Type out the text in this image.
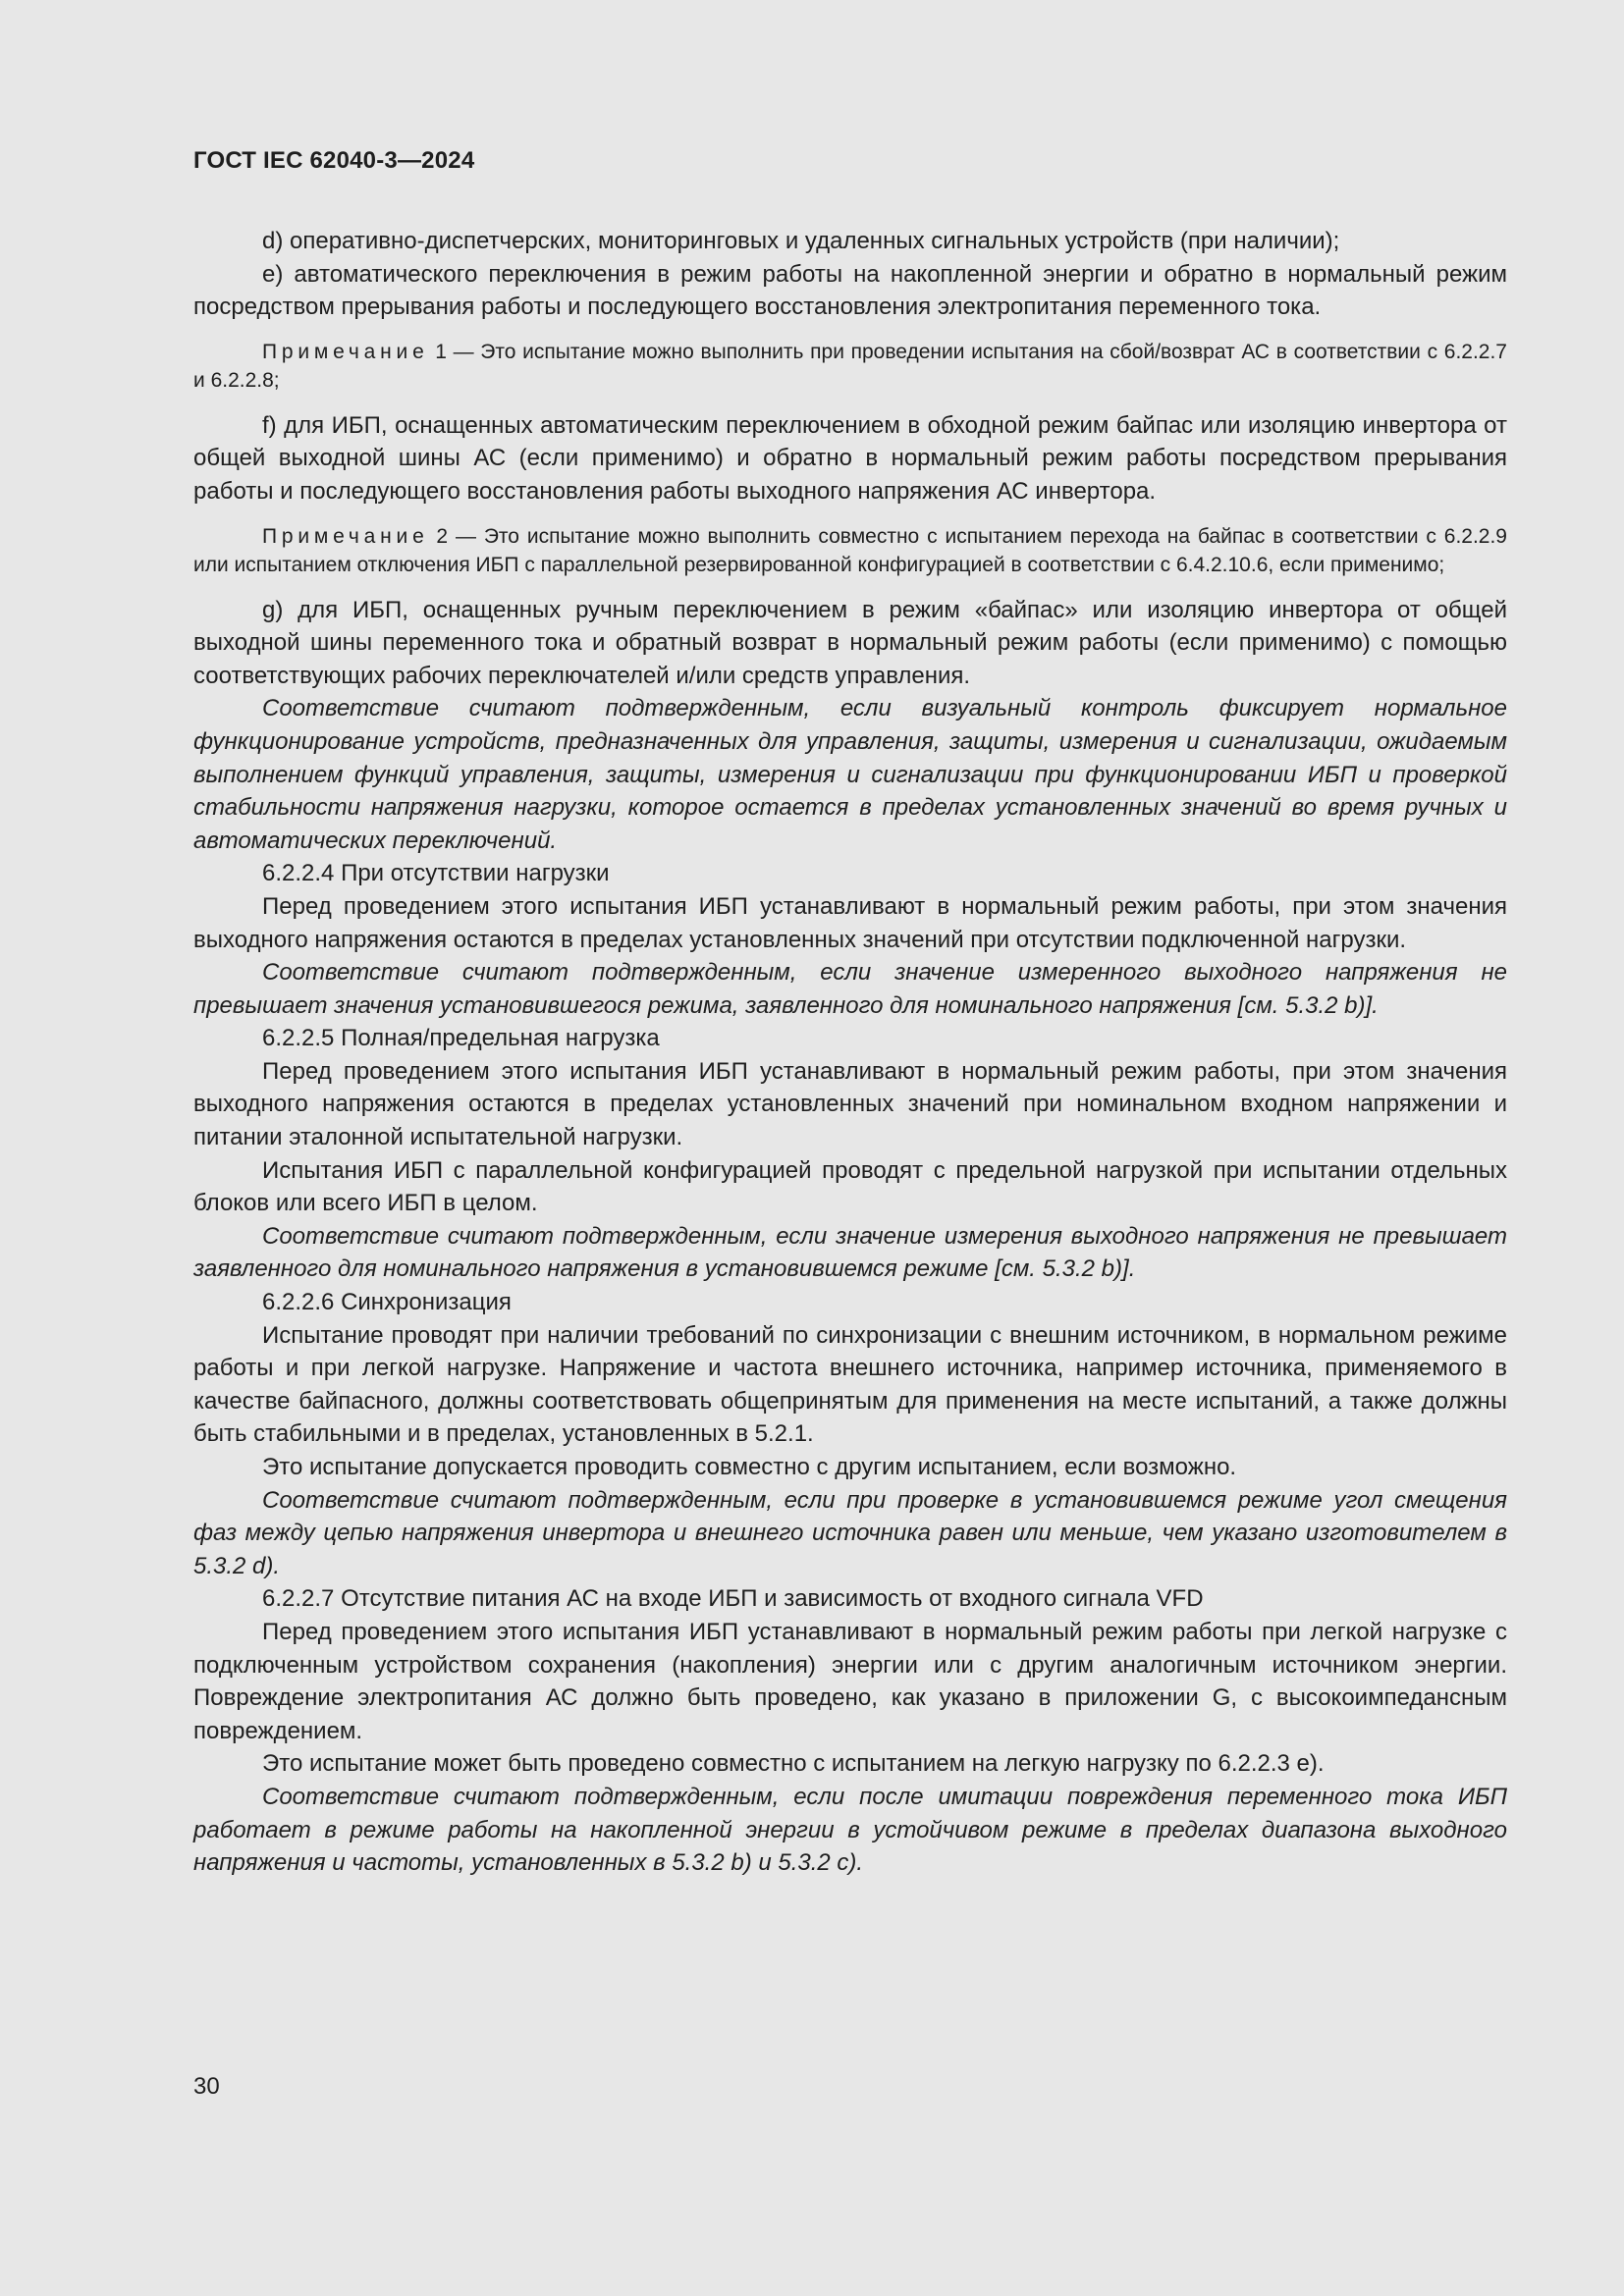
ГОСТ IEC 62040-3—2024

d) оперативно-диспетчерских, мониторинговых и удаленных сигнальных устройств (при наличии);

e) автоматического переключения в режим работы на накопленной энергии и обратно в нормальный режим посредством прерывания работы и последующего восстановления электропитания переменного тока.

Примечание 1 — Это испытание можно выполнить при проведении испытания на сбой/возврат АС в соответствии с 6.2.2.7 и 6.2.2.8;

f) для ИБП, оснащенных автоматическим переключением в обходной режим байпас или изоляцию инвертора от общей выходной шины АС (если применимо) и обратно в нормальный режим работы посредством прерывания работы и последующего восстановления работы выходного напряжения АС инвертора.

Примечание 2 — Это испытание можно выполнить совместно с испытанием перехода на байпас в соответствии с 6.2.2.9 или испытанием отключения ИБП с параллельной резервированной конфигурацией в соответствии с 6.4.2.10.6, если применимо;

g) для ИБП, оснащенных ручным переключением в режим «байпас» или изоляцию инвертора от общей выходной шины переменного тока и обратный возврат в нормальный режим работы (если применимо) с помощью соответствующих рабочих переключателей и/или средств управления.

Соответствие считают подтвержденным, если визуальный контроль фиксирует нормальное функционирование устройств, предназначенных для управления, защиты, измерения и сигнализации, ожидаемым выполнением функций управления, защиты, измерения и сигнализации при функционировании ИБП и проверкой стабильности напряжения нагрузки, которое остается в пределах установленных значений во время ручных и автоматических переключений.

6.2.2.4 При отсутствии нагрузки

Перед проведением этого испытания ИБП устанавливают в нормальный режим работы, при этом значения выходного напряжения остаются в пределах установленных значений при отсутствии подключенной нагрузки.

Соответствие считают подтвержденным, если значение измеренного выходного напряжения не превышает значения установившегося режима, заявленного для номинального напряжения [см. 5.3.2 b)].

6.2.2.5 Полная/предельная нагрузка

Перед проведением этого испытания ИБП устанавливают в нормальный режим работы, при этом значения выходного напряжения остаются в пределах установленных значений при номинальном входном напряжении и питании эталонной испытательной нагрузки.

Испытания ИБП с параллельной конфигурацией проводят с предельной нагрузкой при испытании отдельных блоков или всего ИБП в целом.

Соответствие считают подтвержденным, если значение измерения выходного напряжения не превышает заявленного для номинального напряжения в установившемся режиме [см. 5.3.2 b)].

6.2.2.6 Синхронизация

Испытание проводят при наличии требований по синхронизации с внешним источником, в нормальном режиме работы и при легкой нагрузке. Напряжение и частота внешнего источника, например источника, применяемого в качестве байпасного, должны соответствовать общепринятым для применения на месте испытаний, а также должны быть стабильными и в пределах, установленных в 5.2.1.

Это испытание допускается проводить совместно с другим испытанием, если возможно.

Соответствие считают подтвержденным, если при проверке в установившемся режиме угол смещения фаз между цепью напряжения инвертора и внешнего источника равен или меньше, чем указано изготовителем в 5.3.2 d).

6.2.2.7 Отсутствие питания АС на входе ИБП и зависимость от входного сигнала VFD

Перед проведением этого испытания ИБП устанавливают в нормальный режим работы при легкой нагрузке с подключенным устройством сохранения (накопления) энергии или с другим аналогичным источником энергии. Повреждение электропитания АС должно быть проведено, как указано в приложении G, с высокоимпедансным повреждением.

Это испытание может быть проведено совместно с испытанием на легкую нагрузку по 6.2.2.3 е).

Соответствие считают подтвержденным, если после имитации повреждения переменного тока ИБП работает в режиме работы на накопленной энергии в устойчивом режиме в пределах диапазона выходного напряжения и частоты, установленных в 5.3.2 b) и 5.3.2 c).

30
